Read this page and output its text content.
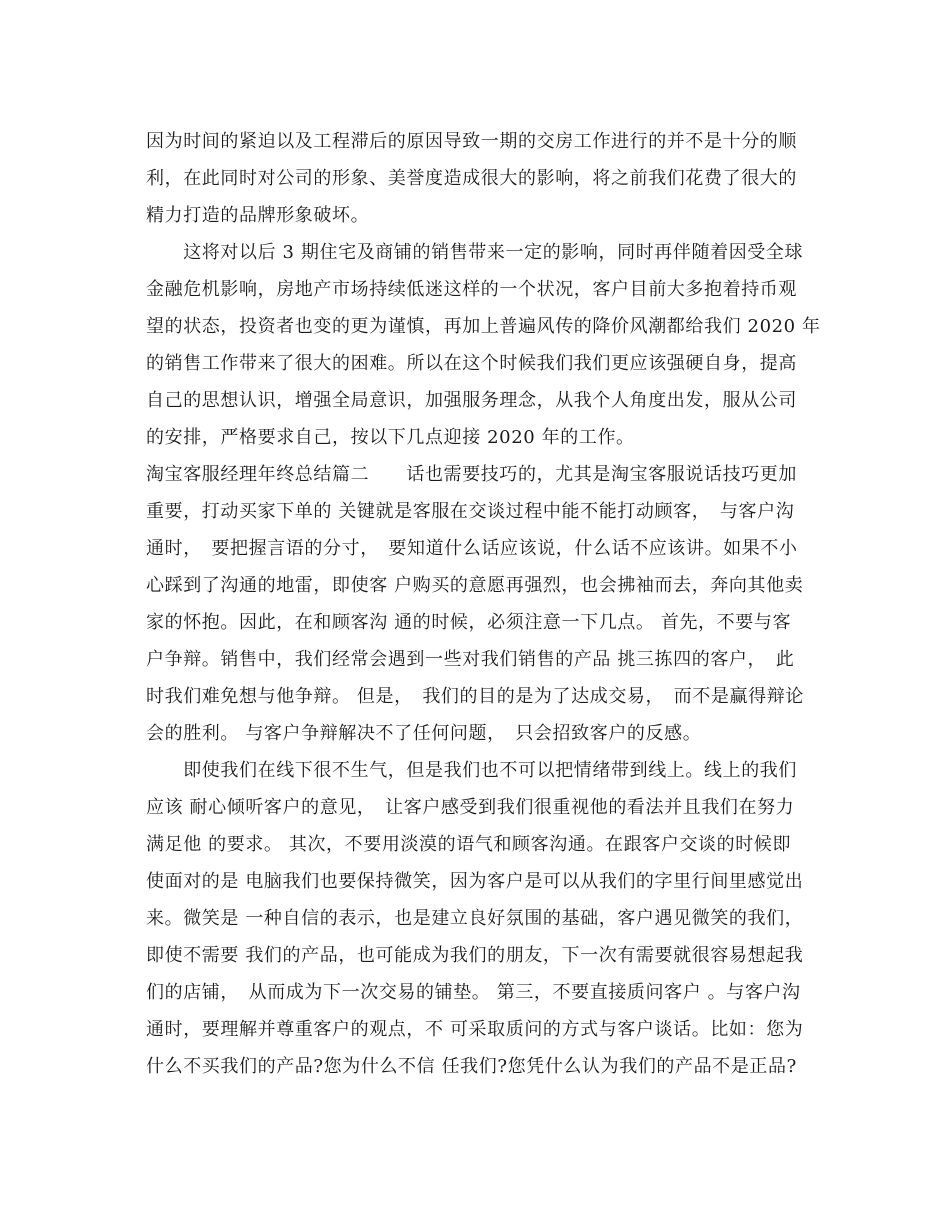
因为时间的紧迫以及工程滞后的原因导致一期的交房工作进行的并不是十分的顺
利，在此同时对公司的形象、美誉度造成很大的影响，将之前我们花费了很大的
精力打造的品牌形象破坏。
　　这将对以后 3 期住宅及商铺的销售带来一定的影响，同时再伴随着因受全球
金融危机影响，房地产市场持续低迷这样的一个状况，客户目前大多抱着持币观
望的状态，投资者也变的更为谨慎，再加上普遍风传的降价风潮都给我们 2020 年
的销售工作带来了很大的困难。所以在这个时候我们我们更应该强硬自身，提高
自己的思想认识，增强全局意识，加强服务理念，从我个人角度出发，服从公司
的安排，严格要求自己，按以下几点迎接 2020 年的工作。
淘宝客服经理年终总结篇二　　话也需要技巧的，尤其是淘宝客服说话技巧更加
重要，打动买家下单的 关键就是客服在交谈过程中能不能打动顾客，　与客户沟
通时，　要把握言语的分寸，　要知道什么话应该说，什么话不应该讲。如果不小
心踩到了沟通的地雷，即使客 户购买的意愿再强烈，也会拂袖而去，奔向其他卖
家的怀抱。因此，在和顾客沟 通的时候，必须注意一下几点。 首先，不要与客
户争辩。销售中，我们经常会遇到一些对我们销售的产品 挑三拣四的客户，　此
时我们难免想与他争辩。 但是，　我们的目的是为了达成交易，　而不是赢得辩论
会的胜利。 与客户争辩解决不了任何问题，　只会招致客户的反感。
　　即使我们在线下很不生气，但是我们也不可以把情绪带到线上。线上的我们
应该 耐心倾听客户的意见，　让客户感受到我们很重视他的看法并且我们在努力
满足他 的要求。 其次，不要用淡漠的语气和顾客沟通。在跟客户交谈的时候即
使面对的是 电脑我们也要保持微笑，因为客户是可以从我们的字里行间里感觉出
来。微笑是 一种自信的表示，也是建立良好氛围的基础，客户遇见微笑的我们，
即使不需要 我们的产品，也可能成为我们的朋友，下一次有需要就很容易想起我
们的店铺，　从而成为下一次交易的铺垫。 第三，不要直接质问客户 。与客户沟
通时，要理解并尊重客户的观点，不 可采取质问的方式与客户谈话。比如：您为
什么不买我们的产品?您为什么不信 任我们?您凭什么认为我们的产品不是正品?
